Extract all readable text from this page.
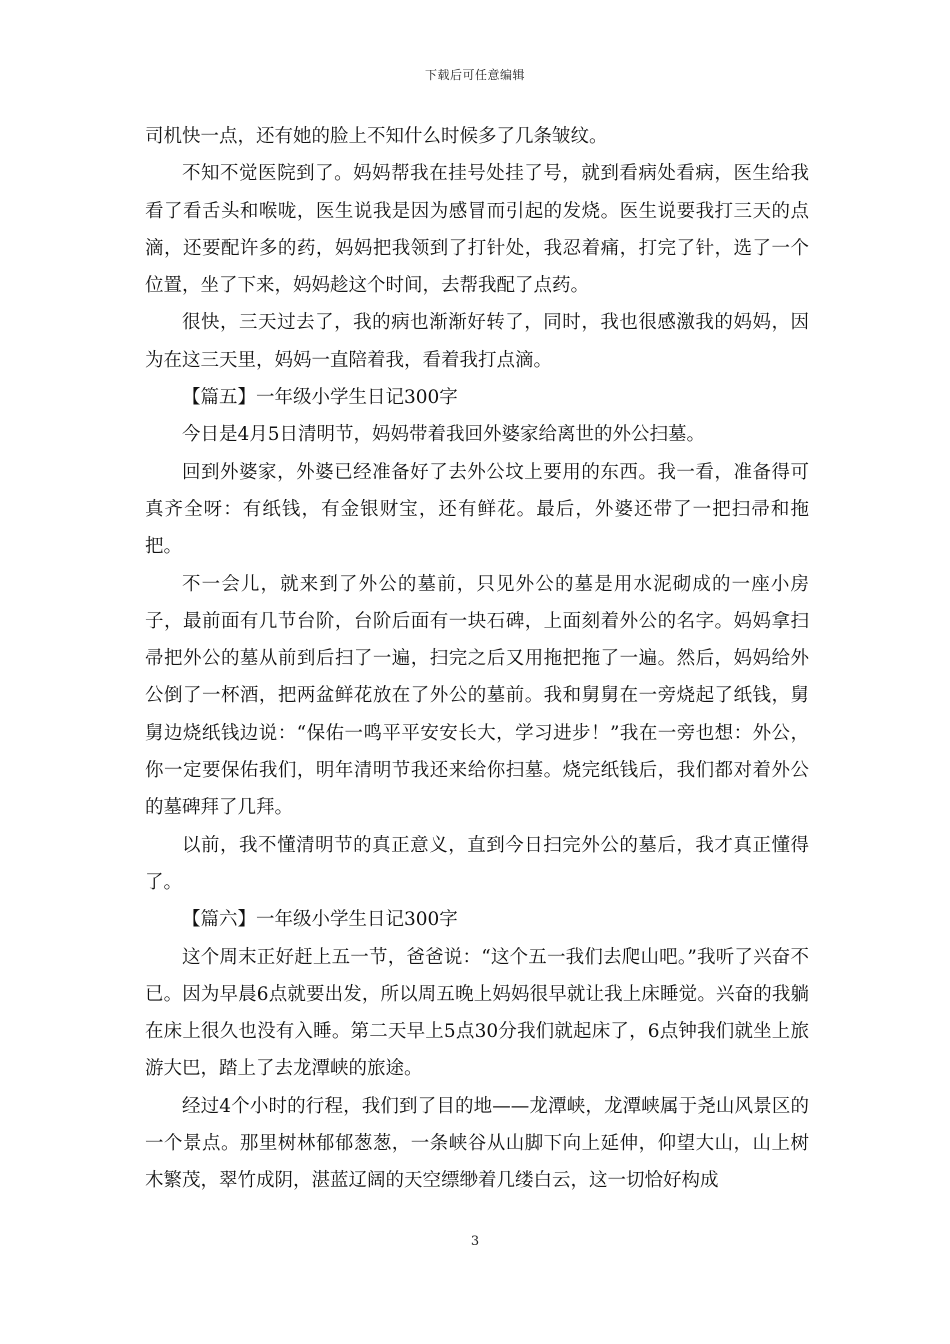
下载后可任意编辑

司机快一点，还有她的脸上不知什么时候多了几条皱纹。

不知不觉医院到了。妈妈帮我在挂号处挂了号，就到看病处看病，医生给我看了看舌头和喉咙，医生说我是因为感冒而引起的发烧。医生说要我打三天的点滴，还要配许多的药，妈妈把我领到了打针处，我忍着痛，打完了针，选了一个位置，坐了下来，妈妈趁这个时间，去帮我配了点药。

很快，三天过去了，我的病也渐渐好转了，同时，我也很感激我的妈妈，因为在这三天里，妈妈一直陪着我，看着我打点滴。

【篇五】一年级小学生日记300字

今日是4月5日清明节，妈妈带着我回外婆家给离世的外公扫墓。

回到外婆家，外婆已经准备好了去外公坟上要用的东西。我一看，准备得可真齐全呀：有纸钱，有金银财宝，还有鲜花。最后，外婆还带了一把扫帚和拖把。

不一会儿，就来到了外公的墓前，只见外公的墓是用水泥砌成的一座小房子，最前面有几节台阶，台阶后面有一块石碑，上面刻着外公的名字。妈妈拿扫帚把外公的墓从前到后扫了一遍，扫完之后又用拖把拖了一遍。然后，妈妈给外公倒了一杯酒，把两盆鲜花放在了外公的墓前。我和舅舅在一旁烧起了纸钱，舅舅边烧纸钱边说：“保佑一鸣平平安安长大，学习进步！”我在一旁也想：外公，你一定要保佑我们，明年清明节我还来给你扫墓。烧完纸钱后，我们都对着外公的墓碑拜了几拜。

以前，我不懂清明节的真正意义，直到今日扫完外公的墓后，我才真正懂得了。

【篇六】一年级小学生日记300字

这个周末正好赶上五一节，爸爸说：“这个五一我们去爬山吧。”我听了兴奋不已。因为早晨6点就要出发，所以周五晚上妈妈很早就让我上床睡觉。兴奋的我躺在床上很久也没有入睡。第二天早上5点30分我们就起床了，6点钟我们就坐上旅游大巴，踏上了去龙潭峡的旅途。

经过4个小时的行程，我们到了目的地——龙潭峡，龙潭峡属于尧山风景区的一个景点。那里树林郁郁葱葱，一条峡谷从山脚下向上延伸，仰望大山，山上树木繁茂，翠竹成阴，湛蓝辽阔的天空缥缈着几缕白云，这一切恰好构成

3
